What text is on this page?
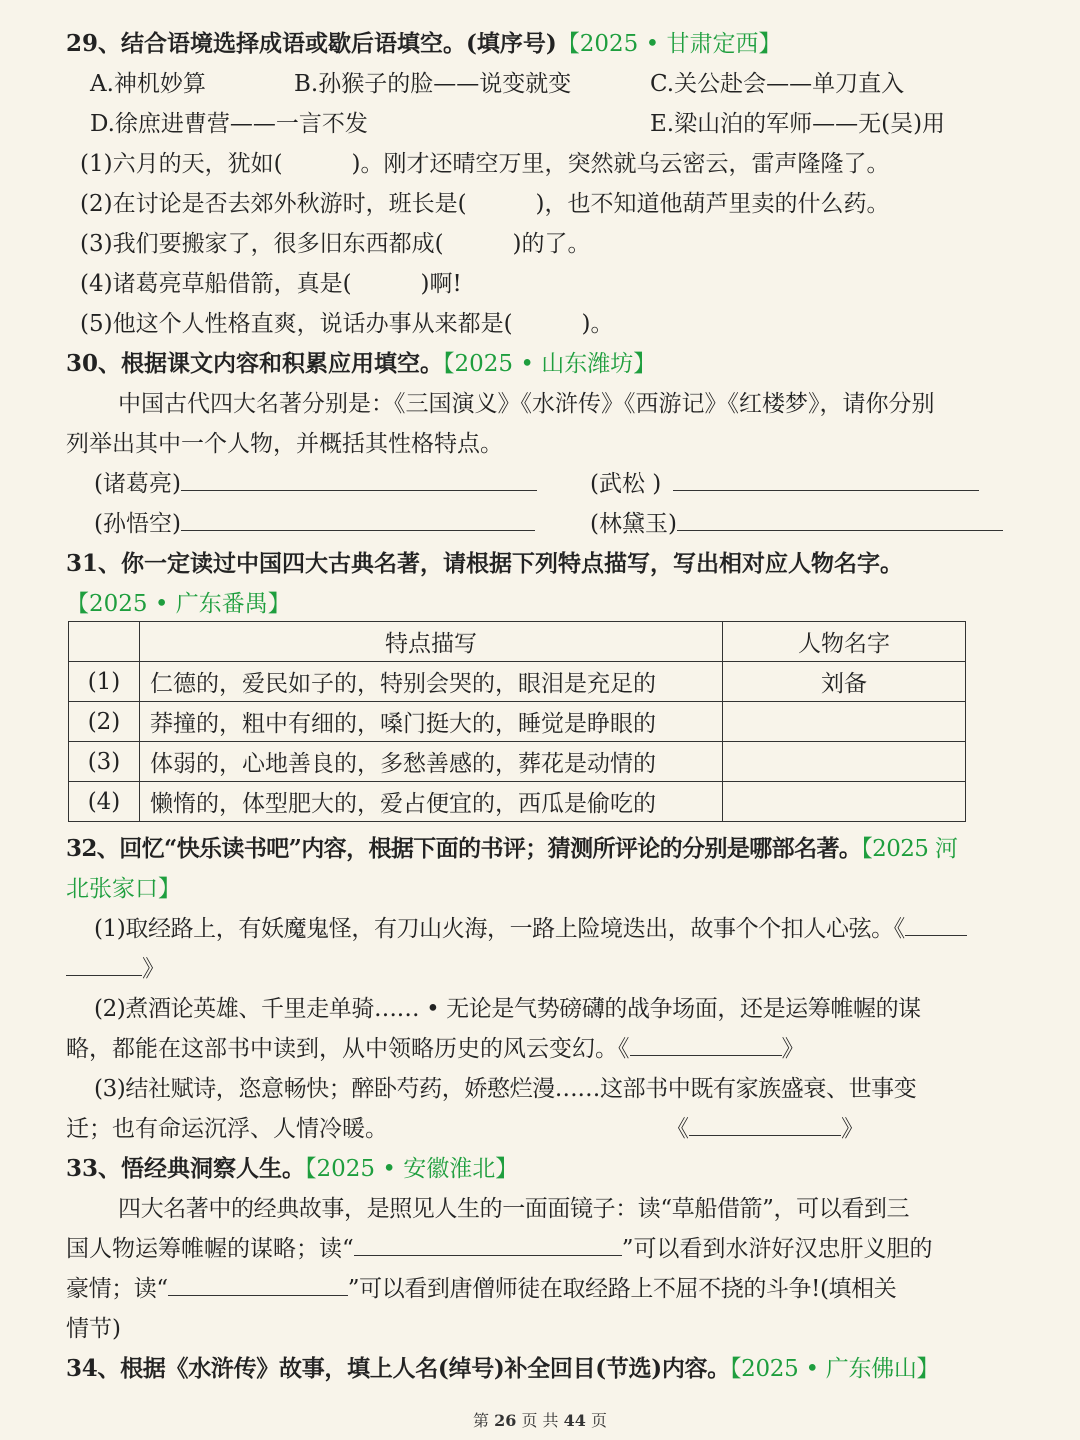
29、结合语境选择成语或歇后语填空。(填序号)【2025 • 甘肃定西】
A.神机妙算	B.孙猴子的脸——说变就变	C.关公赴会——单刀直入
D.徐庶进曹营——一言不发	E.梁山泊的军师——无(吴)用
(1)六月的天，犹如(　　　)。刚才还晴空万里，突然就乌云密云，雷声隆隆了。
(2)在讨论是否去郊外秋游时，班长是(　　　)，也不知道他葫芦里卖的什么药。
(3)我们要搬家了，很多旧东西都成(　　　)的了。
(4)诸葛亮草船借箭，真是(　　　)啊!
(5)他这个人性格直爽，说话办事从来都是(　　　)。
30、根据课文内容和积累应用填空。【2025 • 山东潍坊】
中国古代四大名著分别是：《三国演义》《水浒传》《西游记》《红楼梦》，请你分别
列举出其中一个人物，并概括其性格特点。
(诸葛亮)	(武松 )
(孙悟空)	(林黛玉)
31、你一定读过中国四大古典名著，请根据下列特点描写，写出相对应人物名字。
【2025 • 广东番禺】
	特点描写	人物名字
(1)	仁德的，爱民如子的，特别会哭的，眼泪是充足的	刘备
(2)	莽撞的，粗中有细的，嗓门挺大的，睡觉是睁眼的	
(3)	体弱的，心地善良的，多愁善感的，葬花是动情的	
(4)	懒惰的，体型肥大的，爱占便宜的，西瓜是偷吃的	
32、回忆“快乐读书吧”内容，根据下面的书评；猜测所评论的分别是哪部名著。【2025 河
北张家口】
(1)取经路上，有妖魔鬼怪，有刀山火海，一路上险境迭出，故事个个扣人心弦。《
》
(2)煮酒论英雄、千里走单骑…… • 无论是气势磅礴的战争场面，还是运筹帷幄的谋
略，都能在这部书中读到，从中领略历史的风云变幻。《	》
(3)结社赋诗，恣意畅快；醉卧芍药，娇憨烂漫……这部书中既有家族盛衰、世事变
迁；也有命运沉浮、人情冷暖。	《	》
33、悟经典洞察人生。【2025 • 安徽淮北】
四大名著中的经典故事，是照见人生的一面面镜子：读“草船借箭”，可以看到三
国人物运筹帷幄的谋略；读“	”可以看到水浒好汉忠肝义胆的
豪情；读“	”可以看到唐僧师徒在取经路上不屈不挠的斗争!(填相关
情节)
34、根据《水浒传》故事，填上人名(绰号)补全回目(节选)内容。【2025 • 广东佛山】
第 26 页 共 44 页
